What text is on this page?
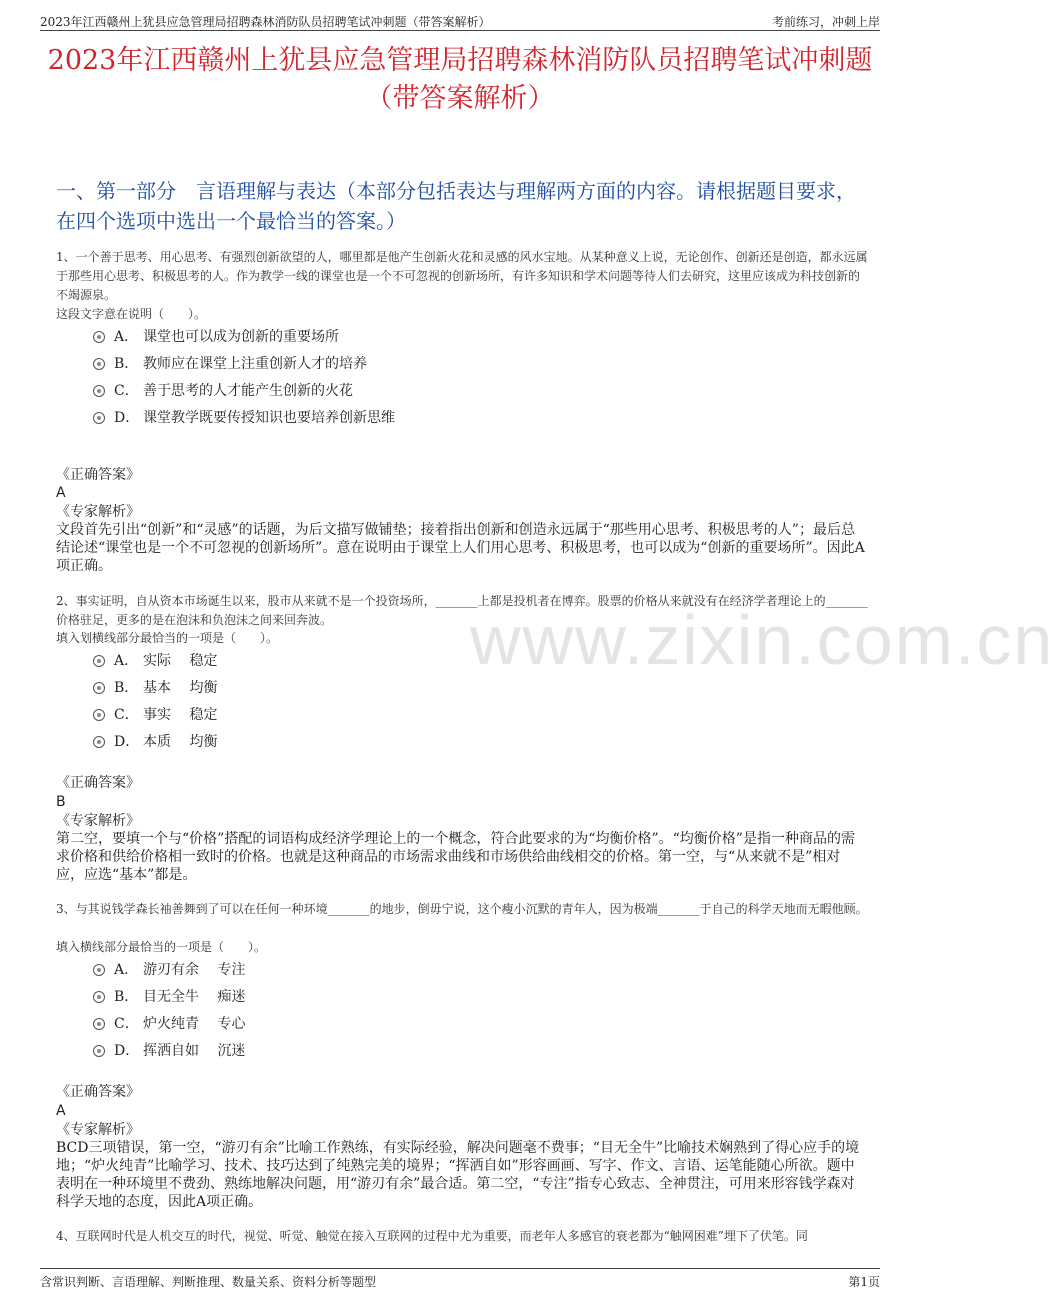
2023年江西赣州上犹县应急管理局招聘森林消防队员招聘笔试冲刺题（带答案解析）	考前练习，冲刺上岸
2023年江西赣州上犹县应急管理局招聘森林消防队员招聘笔试冲刺题（带答案解析）
一、第一部分　言语理解与表达（本部分包括表达与理解两方面的内容。请根据题目要求，在四个选项中选出一个最恰当的答案。）
www.zixin.com.cn
1、一个善于思考、用心思考、有强烈创新欲望的人，哪里都是他产生创新火花和灵感的风水宝地。从某种意义上说，无论创作、创新还是创造，都永远属于那些用心思考、积极思考的人。作为教学一线的课堂也是一个不可忽视的创新场所，有许多知识和学术问题等待人们去研究，这里应该成为科技创新的不竭源泉。
这段文字意在说明（　　）。
A． 课堂也可以成为创新的重要场所
B． 教师应在课堂上注重创新人才的培养
C． 善于思考的人才能产生创新的火花
D． 课堂教学既要传授知识也要培养创新思维
《正确答案》
A
《专家解析》
文段首先引出“创新”和“灵感”的话题，为后文描写做铺垫；接着指出创新和创造永远属于“那些用心思考、积极思考的人”；最后总结论述“课堂也是一个不可忽视的创新场所”。意在说明由于课堂上人们用心思考、积极思考，也可以成为“创新的重要场所”。因此A项正确。
2、事实证明，自从资本市场诞生以来，股市从来就不是一个投资场所，_______上都是投机者在博弈。股票的价格从来就没有在经济学者理论上的_______价格驻足，更多的是在泡沫和负泡沫之间来回奔波。
填入划横线部分最恰当的一项是（　　）。
A． 实际　 稳定
B． 基本　 均衡
C． 事实　 稳定
D． 本质　 均衡
《正确答案》
B
《专家解析》
第二空，要填一个与“价格”搭配的词语构成经济学理论上的一个概念，符合此要求的为“均衡价格”。“均衡价格”是指一种商品的需求价格和供给价格相一致时的价格。也就是这种商品的市场需求曲线和市场供给曲线相交的价格。第一空，与“从来就不是”相对应，应选“基本”都是。
3、与其说钱学森长袖善舞到了可以在任何一种环境_______的地步，倒毋宁说，这个瘦小沉默的青年人，因为极端_______于自己的科学天地而无暇他顾。
填入横线部分最恰当的一项是（　　）。
A． 游刃有余　 专注
B． 目无全牛　 痴迷
C． 炉火纯青　 专心
D． 挥洒自如　 沉迷
《正确答案》
A
《专家解析》
BCD三项错误，第一空，“游刃有余”比喻工作熟练，有实际经验，解决问题毫不费事；“目无全牛”比喻技术娴熟到了得心应手的境地；“炉火纯青”比喻学习、技术、技巧达到了纯熟完美的境界；“挥洒自如”形容画画、写字、作文、言语、运笔能随心所欲。题中表明在一种环境里不费劲、熟练地解决问题，用“游刃有余”最合适。第二空，“专注”指专心致志、全神贯注，可用来形容钱学森对科学天地的态度，因此A项正确。
4、互联网时代是人机交互的时代，视觉、听觉、触觉在接入互联网的过程中尤为重要，而老年人多感官的衰老都为“触网困难”埋下了伏笔。同
含常识判断、言语理解、判断推理、数量关系、资料分析等题型	第1页
